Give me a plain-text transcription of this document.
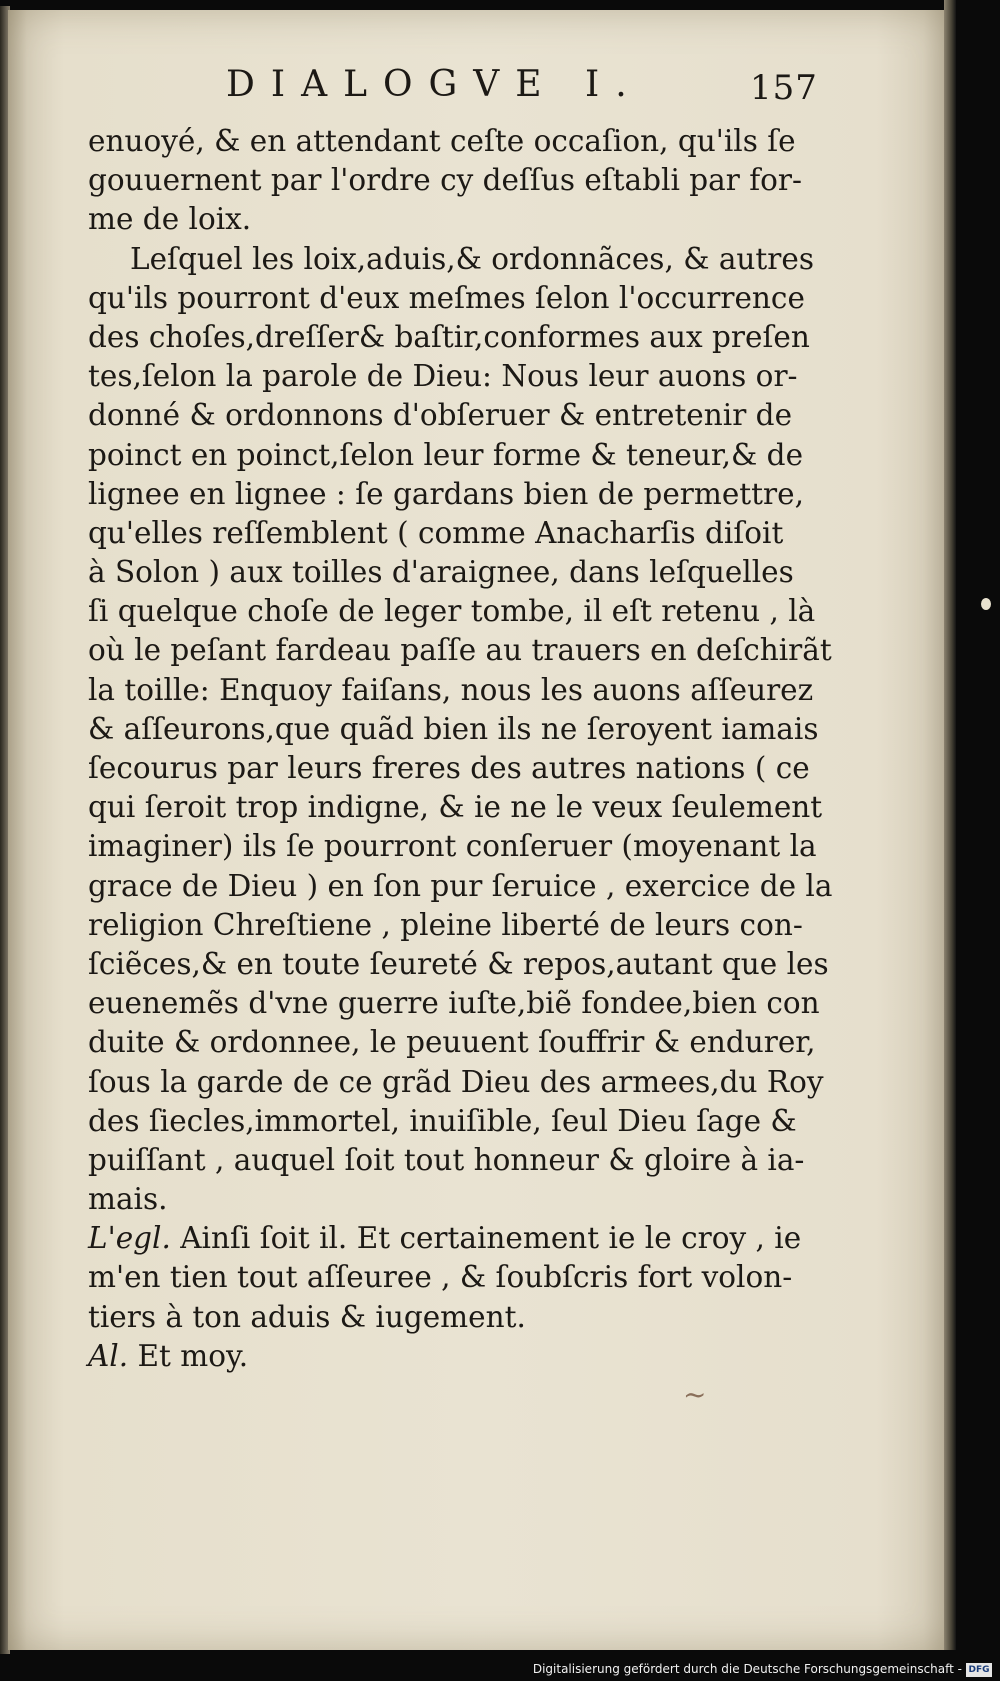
DIALOGVE I.	157
enuoyé, & en attendant ceſte occaſion, qu'ils ſe
gouuernent par l'ordre cy deſſus eſtabli par for-
me de loix.
Leſquel les loix,aduis,& ordonnãces, & autres
qu'ils pourront d'eux meſmes ſelon l'occurrence
des choſes,dreſſer& baſtir,conformes aux preſen
tes,ſelon la parole de Dieu: Nous leur auons or-
donné & ordonnons d'obſeruer & entretenir de
poinct en poinct,ſelon leur forme & teneur,& de
lignee en lignee : ſe gardans bien de permettre,
qu'elles reſſemblent ( comme Anacharſis diſoit
à Solon ) aux toilles d'araignee, dans leſquelles
ſi quelque choſe de leger tombe, il eſt retenu , là
où le peſant fardeau paſſe au trauers en deſchirãt
la toille: Enquoy faiſans, nous les auons aſſeurez
& aſſeurons,que quãd bien ils ne ſeroyent iamais
ſecourus par leurs freres des autres nations ( ce
qui ſeroit trop indigne, & ie ne le veux ſeulement
imaginer) ils ſe pourront conſeruer (moyenant la
grace de Dieu ) en ſon pur ſeruice , exercice de la
religion Chreſtiene , pleine liberté de leurs con-
ſciẽces,& en toute ſeureté & repos,autant que les
euenemẽs d'vne guerre iuſte,biẽ fondee,bien con
duite & ordonnee, le peuuent ſouffrir & endurer,
ſous la garde de ce grãd Dieu des armees,du Roy
des ſiecles,immortel, inuiſible, ſeul Dieu ſage &
puiſſant , auquel ſoit tout honneur & gloire à ia-
mais.
L'egl. Ainſi ſoit il. Et certainement ie le croy , ie
m'en tien tout aſſeuree , & ſoubſcris fort volon-
tiers à ton aduis & iugement.
Al. Et moy.
~
Digitalisierung gefördert durch die Deutsche Forschungsgemeinschaft - DFG
